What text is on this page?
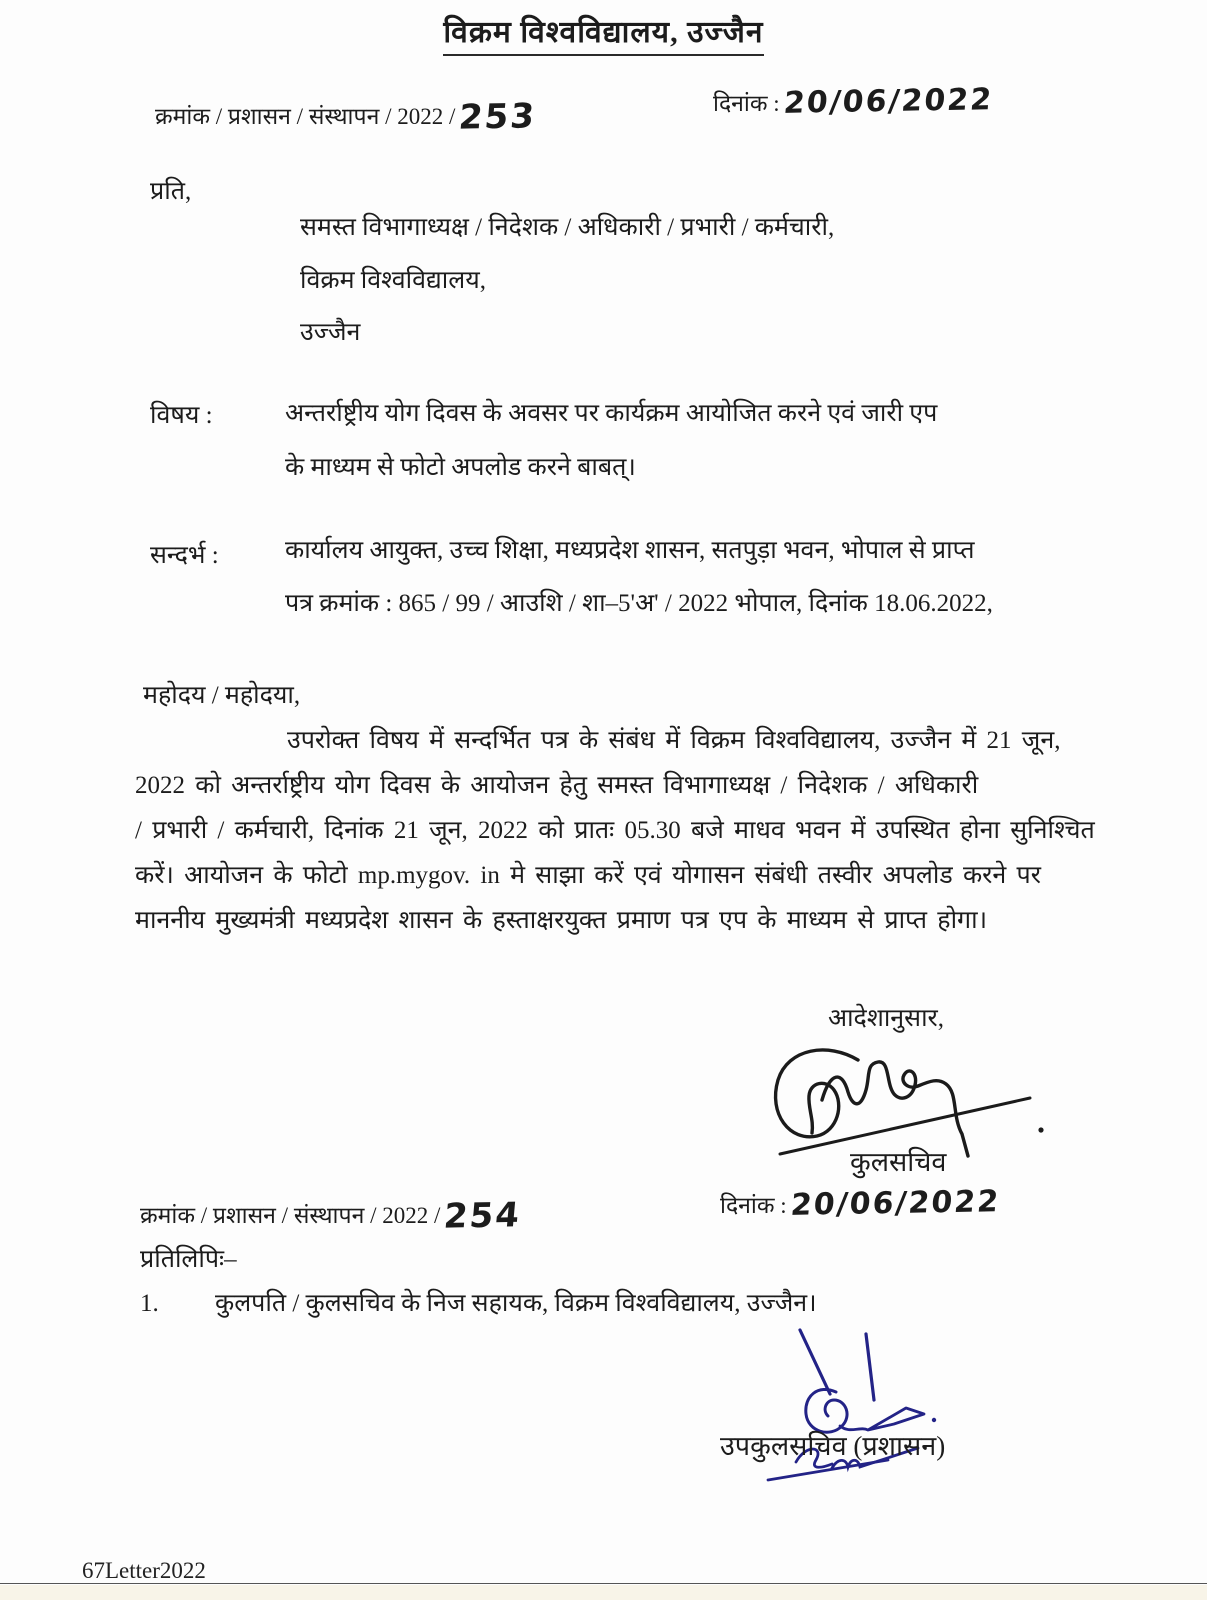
विक्रम विश्वविद्यालय, उज्जैन
क्रमांक / प्रशासन / संस्थापन / 2022 / 253	दिनांक : 20/06/2022
प्रति,
समस्त विभागाध्यक्ष / निदेशक / अधिकारी / प्रभारी / कर्मचारी,
विक्रम विश्वविद्यालय,
उज्जैन
विषय :	अन्तर्राष्ट्रीय योग दिवस के अवसर पर कार्यक्रम आयोजित करने एवं जारी एप
के माध्यम से फोटो अपलोड करने बाबत्।
सन्दर्भ :	कार्यालय आयुक्त, उच्च शिक्षा, मध्यप्रदेश शासन, सतपुड़ा भवन, भोपाल से प्राप्त
पत्र क्रमांक : 865 / 99 / आउशि / शा–5'अ' / 2022 भोपाल, दिनांक 18.06.2022,
महोदय / महोदया,
उपरोक्त विषय में सन्दर्भित पत्र के संबंध में विक्रम विश्वविद्यालय, उज्जैन में 21 जून,
2022 को अन्तर्राष्ट्रीय योग दिवस के आयोजन हेतु समस्त विभागाध्यक्ष / निदेशक / अधिकारी
/ प्रभारी / कर्मचारी, दिनांक 21 जून, 2022 को प्रातः 05.30 बजे माधव भवन में उपस्थित होना सुनिश्चित
करें। आयोजन के फोटो mp.mygov. in मे साझा करें एवं योगासन संबंधी तस्वीर अपलोड करने पर
माननीय मुख्यमंत्री मध्यप्रदेश शासन के हस्ताक्षरयुक्त प्रमाण पत्र एप के माध्यम से प्राप्त होगा।
आदेशानुसार,
कुलसचिव
क्रमांक / प्रशासन / संस्थापन / 2022 / 254	दिनांक : 20/06/2022
प्रतिलिपिः–
1. कुलपति / कुलसचिव के निज सहायक, विक्रम विश्वविद्यालय, उज्जैन।
उपकुलसचिव (प्रशासन)
67Letter2022
